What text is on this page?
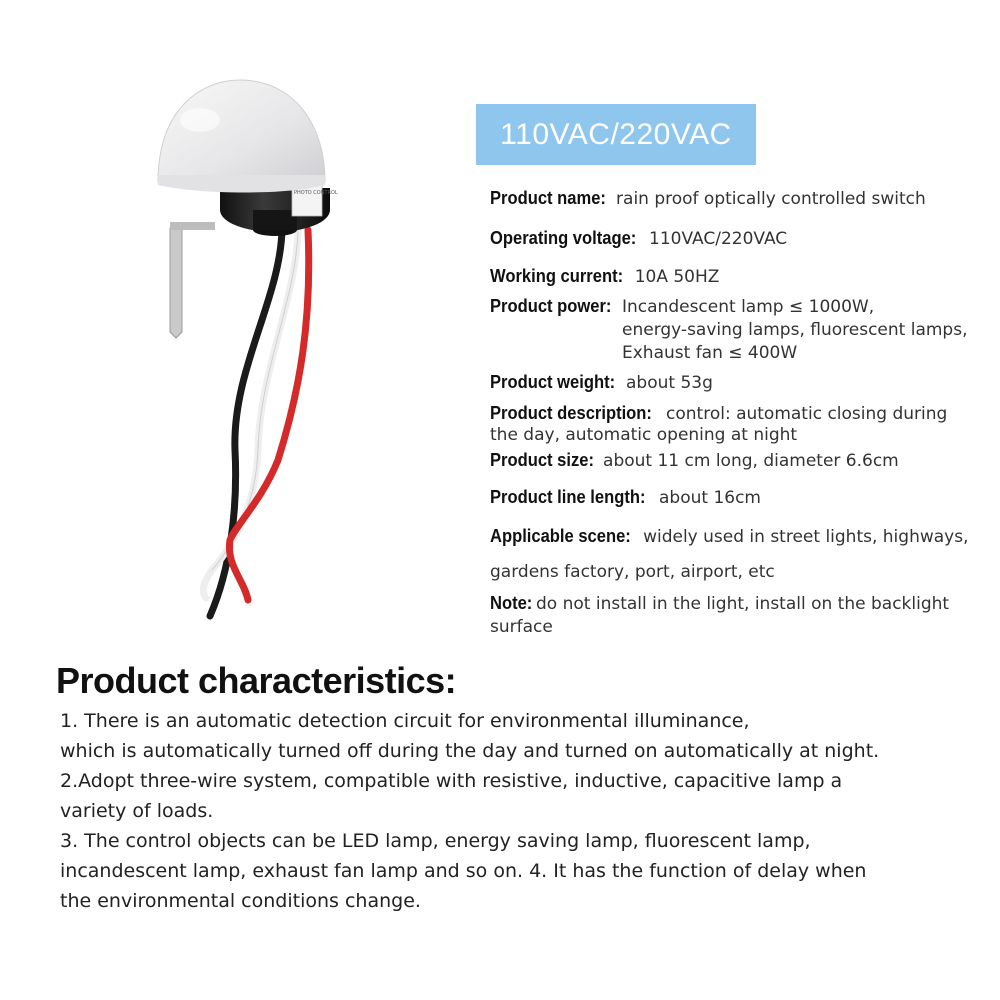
PHOTO CONTROL
110VAC/220VAC
Product name: rain proof optically controlled switch
Operating voltage: 110VAC/220VAC
Working current: 10A 50HZ
Product power: Incandescent lamp ≤ 1000W,
energy-saving lamps, fluorescent lamps,
Exhaust fan ≤ 400W
Product weight: about 53g
Product description: control: automatic closing during
the day, automatic opening at night
Product size: about 11 cm long, diameter 6.6cm
Product line length: about 16cm
Applicable scene: widely used in street lights, highways,
gardens factory, port, airport, etc
Note: do not install in the light, install on the backlight
surface
Product characteristics:
1. There is an automatic detection circuit for environmental illuminance,
which is automatically turned off during the day and turned on automatically at night.
2.Adopt three-wire system, compatible with resistive, inductive, capacitive lamp a
variety of loads.
3. The control objects can be LED lamp, energy saving lamp, fluorescent lamp,
incandescent lamp, exhaust fan lamp and so on. 4. It has the function of delay when
the environmental conditions change.
